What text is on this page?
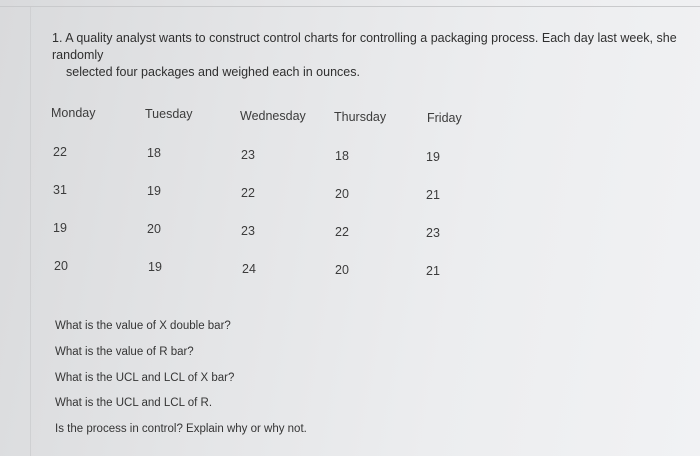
1. A quality analyst wants to construct control charts for controlling a packaging process. Each day last week, she randomly
selected four packages and weighed each in ounces.
Monday	Tuesday	Wednesday Thursday	Friday
22	18	23	18	19
31	19	22	20	21
19	20	23	22	23
20	19	24	20	21
What is the value of X double bar?
What is the value of R bar?
What is the UCL and LCL of X bar?
What is the UCL and LCL of R.
Is the process in control? Explain why or why not.
